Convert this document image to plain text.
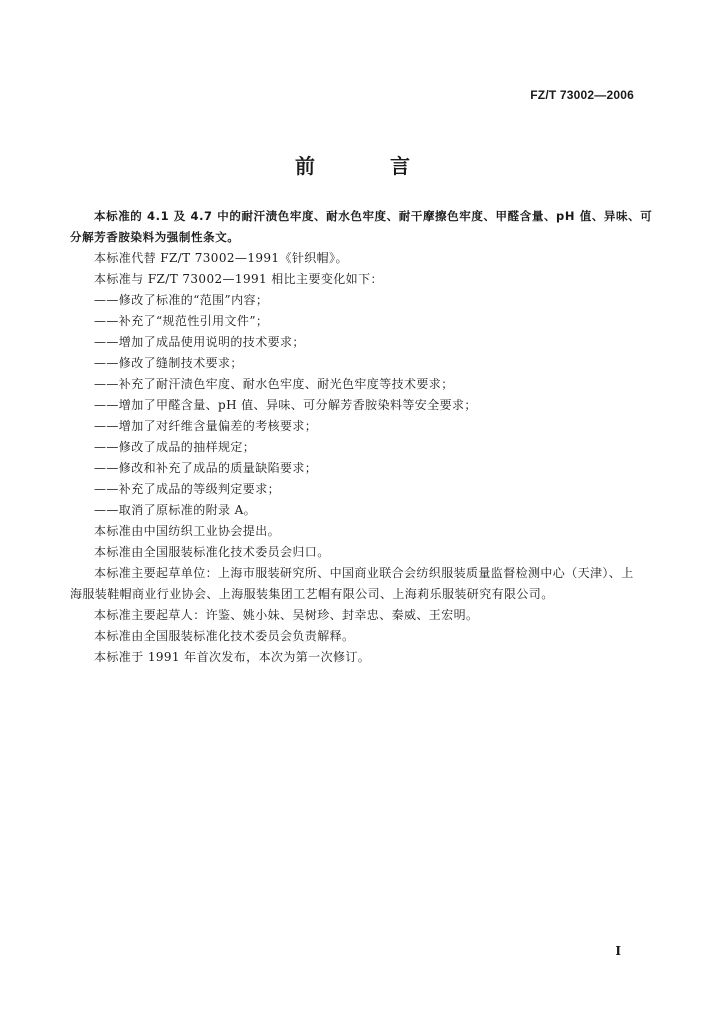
FZ/T 73002—2006
前 言

本标准的 4.1 及 4.7 中的耐汗渍色牢度、耐水色牢度、耐干摩擦色牢度、甲醛含量、pH 值、异味、可

分解芳香胺染料为强制性条文。

本标准代替 FZ/T 73002—1991《针织帽》。

本标准与 FZ/T 73002—1991 相比主要变化如下：

——修改了标准的“范围”内容；

——补充了“规范性引用文件”；

——增加了成品使用说明的技术要求；

——修改了缝制技术要求；

——补充了耐汗渍色牢度、耐水色牢度、耐光色牢度等技术要求；

——增加了甲醛含量、pH 值、异味、可分解芳香胺染料等安全要求；

——增加了对纤维含量偏差的考核要求；

——修改了成品的抽样规定；

——修改和补充了成品的质量缺陷要求；

——补充了成品的等级判定要求；

——取消了原标准的附录 A。

本标准由中国纺织工业协会提出。

本标准由全国服装标准化技术委员会归口。

本标准主要起草单位：上海市服装研究所、中国商业联合会纺织服装质量监督检测中心（天津）、上

海服装鞋帽商业行业协会、上海服装集团工艺帽有限公司、上海莉乐服装研究有限公司。

本标准主要起草人：许鉴、姚小妹、吴树珍、封幸忠、秦威、王宏明。

本标准由全国服装标准化技术委员会负责解释。

本标准于 1991 年首次发布，本次为第一次修订。

I
